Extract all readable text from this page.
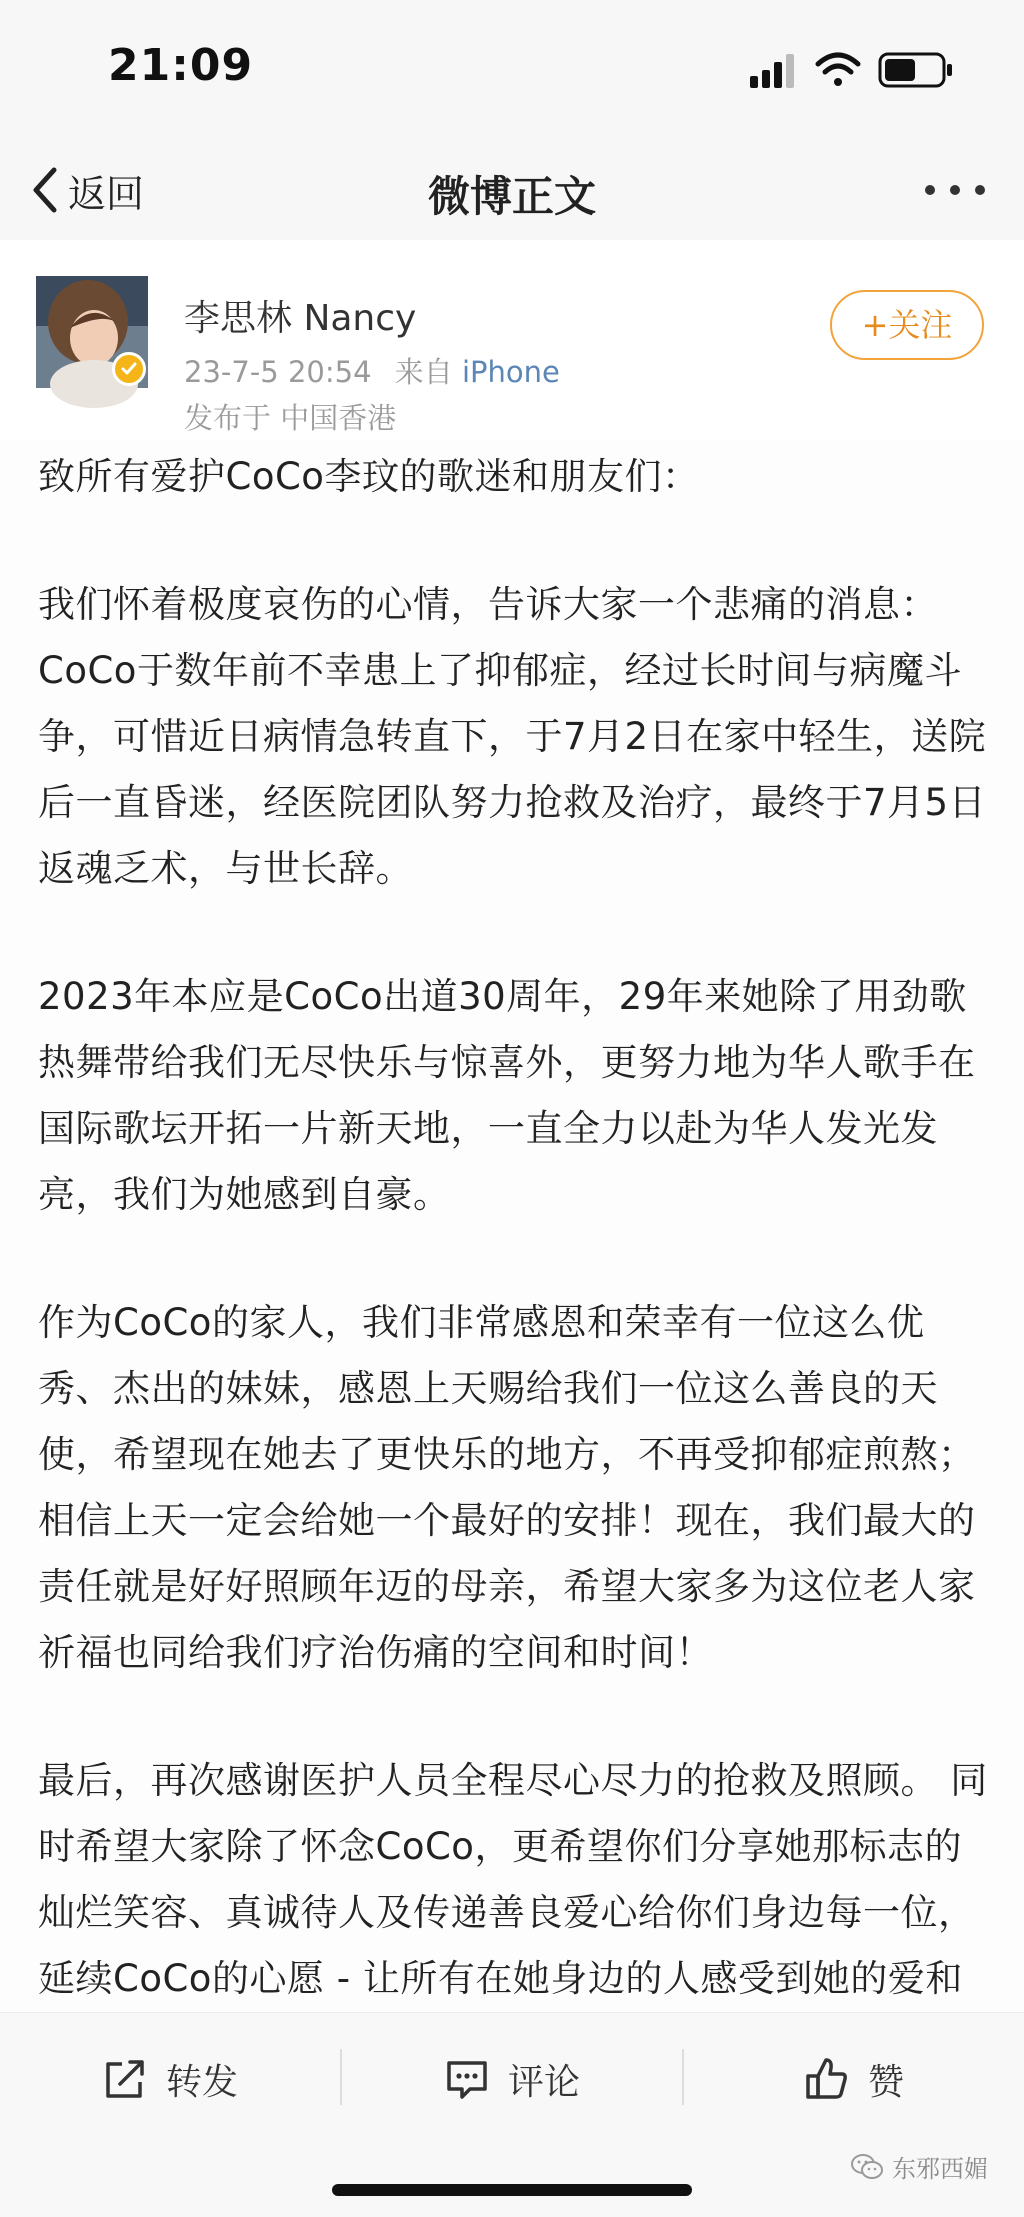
21:09
返回	微博正文
李思林 Nancy
23-7-5 20:54 来自 iPhone
发布于 中国香港
+关注

致所有爱护CoCo李玟的歌迷和朋友们：

我们怀着极度哀伤的心情，告诉大家一个悲痛的消息：CoCo于数年前不幸患上了抑郁症，经过长时间与病魔斗争，可惜近日病情急转直下，于7月2日在家中轻生，送院后一直昏迷，经医院团队努力抢救及治疗，最终于7月5日返魂乏术，与世长辞。

2023年本应是CoCo出道30周年，29年来她除了用劲歌热舞带给我们无尽快乐与惊喜外，更努力地为华人歌手在国际歌坛开拓一片新天地，一直全力以赴为华人发光发亮，我们为她感到自豪。

作为CoCo的家人，我们非常感恩和荣幸有一位这么优秀、杰出的妹妹，感恩上天赐给我们一位这么善良的天使，希望现在她去了更快乐的地方，不再受抑郁症煎熬；相信上天一定会给她一个最好的安排！现在，我们最大的责任就是好好照顾年迈的母亲，希望大家多为这位老人家祈福也同给我们疗治伤痛的空间和时间！

最后，再次感谢医护人员全程尽心尽力的抢救及照顾。 同时希望大家除了怀念CoCo，更希望你们分享她那标志的灿烂笑容、真诚待人及传递善良爱心给你们身边每一位，延续CoCo的心愿 - 让所有在她身边的人感受到她的爱和

转发	评论	赞
东邪西媚
